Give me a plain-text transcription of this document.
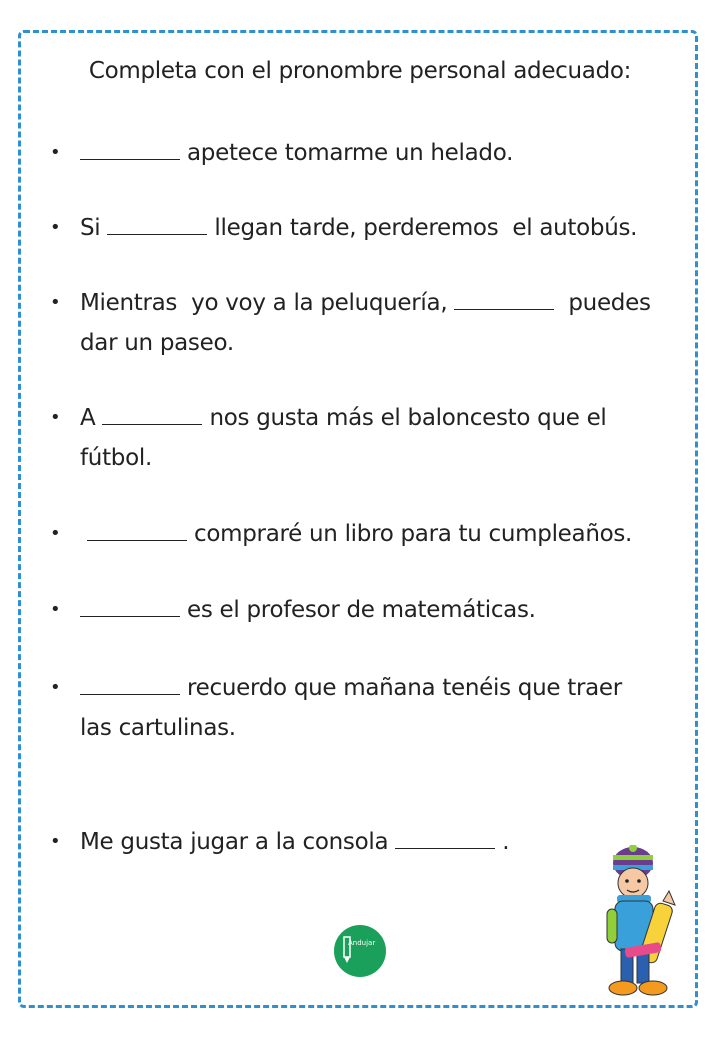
Completa con el pronombre personal adecuado:
•	apetece tomarme un helado.
• Si	llegan tarde, perderemos  el autobús.
• Mientras  yo voy a la peluquería,	puedes dar un paseo.
• A	nos gusta más el baloncesto que el fútbol.
•	compraré un libro para tu cumpleaños.
•	es el profesor de matemáticas.
•	recuerdo que mañana tenéis que traer las cartulinas.
• Me gusta jugar a la consola	.
Andujar
